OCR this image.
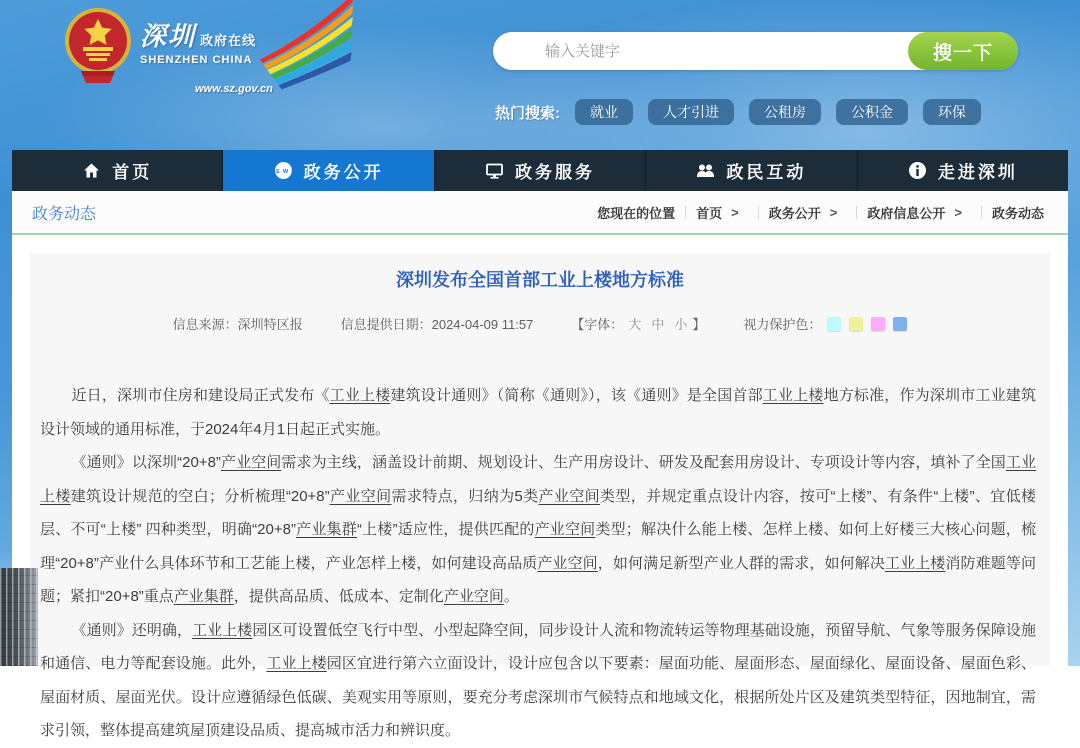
深圳 政府在线
SHENZHEN CHINA
www.sz.gov.cn
输入关键字
搜一下
热门搜索:	就业	人才引进	公租房	公积金	环保
首页	NEWS 政务公开	政务服务	政民互动	走进深圳
政务动态	您现在的位置 首页 > 政务公开 > 政府信息公开 > 政务动态
深圳发布全国首部工业上楼地方标准
信息来源：深圳特区报	信息提供日期：2024-04-09 11:57	【字体： 大 中 小 】	视力保护色：

近日，深圳市住房和建设局正式发布《工业上楼建筑设计通则》（简称《通则》），该《通则》是全国首部工业上楼地方标准，作为深圳市工业建筑设计领域的通用标准，于2024年4月1日起正式实施。

《通则》以深圳“20+8”产业空间需求为主线，涵盖设计前期、规划设计、生产用房设计、研发及配套用房设计、专项设计等内容，填补了全国工业上楼建筑设计规范的空白；分析梳理“20+8”产业空间需求特点，归纳为5类产业空间类型，并规定重点设计内容，按可“上楼”、有条件“上楼”、宜低楼层、不可“上楼” 四种类型，明确“20+8”产业集群“上楼”适应性，提供匹配的产业空间类型；解决什么能上楼、怎样上楼、如何上好楼三大核心问题，梳理“20+8”产业什么具体环节和工艺能上楼，产业怎样上楼，如何建设高品质产业空间，如何满足新型产业人群的需求，如何解决工业上楼消防难题等问题；紧扣“20+8”重点产业集群，提供高品质、低成本、定制化产业空间。

《通则》还明确，工业上楼园区可设置低空飞行中型、小型起降空间，同步设计人流和物流转运等物理基础设施，预留导航、气象等服务保障设施和通信、电力等配套设施。此外，工业上楼园区宜进行第六立面设计，设计应包含以下要素：屋面功能、屋面形态、屋面绿化、屋面设备、屋面色彩、屋面材质、屋面光伏。设计应遵循绿色低碳、美观实用等原则，要充分考虑深圳市气候特点和地域文化，根据所处片区及建筑类型特征，因地制宜，需求引领，整体提高建筑屋顶建设品质、提高城市活力和辨识度。
